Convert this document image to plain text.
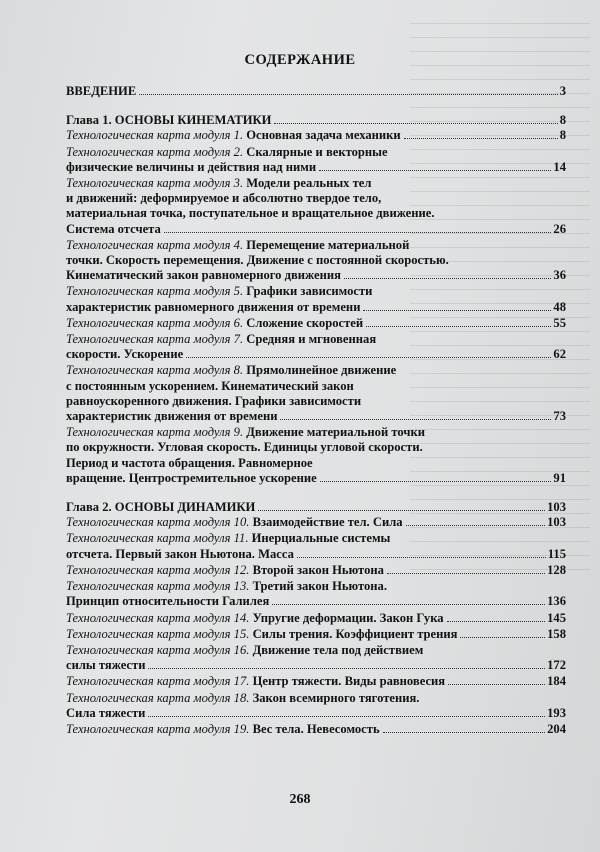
СОДЕРЖАНИЕ
ВВЕДЕНИЕ	3
Глава 1. ОСНОВЫ КИНЕМАТИКИ	8
Технологическая карта модуля 1. Основная задача механики	8
Технологическая карта модуля 2. Скалярные и векторные
физические величины и действия над ними	14
Технологическая карта модуля 3. Модели реальных тел
и движений: деформируемое и абсолютно твердое тело,
материальная точка, поступательное и вращательное движение.
Система отсчета	26
Технологическая карта модуля 4. Перемещение материальной
точки. Скорость перемещения. Движение с постоянной скоростью.
Кинематический закон равномерного движения	36
Технологическая карта модуля 5. Графики зависимости
характеристик равномерного движения от времени	48
Технологическая карта модуля 6. Сложение скоростей	55
Технологическая карта модуля 7. Средняя и мгновенная
скорости. Ускорение	62
Технологическая карта модуля 8. Прямолинейное движение
с постоянным ускорением. Кинематический закон
равноускоренного движения. Графики зависимости
характеристик движения от времени	73
Технологическая карта модуля 9. Движение материальной точки
по окружности. Угловая скорость. Единицы угловой скорости.
Период и частота обращения. Равномерное
вращение. Центростремительное ускорение	91
Глава 2. ОСНОВЫ ДИНАМИКИ	103
Технологическая карта модуля 10. Взаимодействие тел. Сила	103
Технологическая карта модуля 11. Инерциальные системы
отсчета. Первый закон Ньютона. Масса	115
Технологическая карта модуля 12. Второй закон Ньютона	128
Технологическая карта модуля 13. Третий закон Ньютона.
Принцип относительности Галилея	136
Технологическая карта модуля 14. Упругие деформации. Закон Гука	145
Технологическая карта модуля 15. Силы трения. Коэффициент трения	158
Технологическая карта модуля 16. Движение тела под действием
силы тяжести	172
Технологическая карта модуля 17. Центр тяжести. Виды равновесия	184
Технологическая карта модуля 18. Закон всемирного тяготения.
Сила тяжести	193
Технологическая карта модуля 19. Вес тела. Невесомость	204
268
